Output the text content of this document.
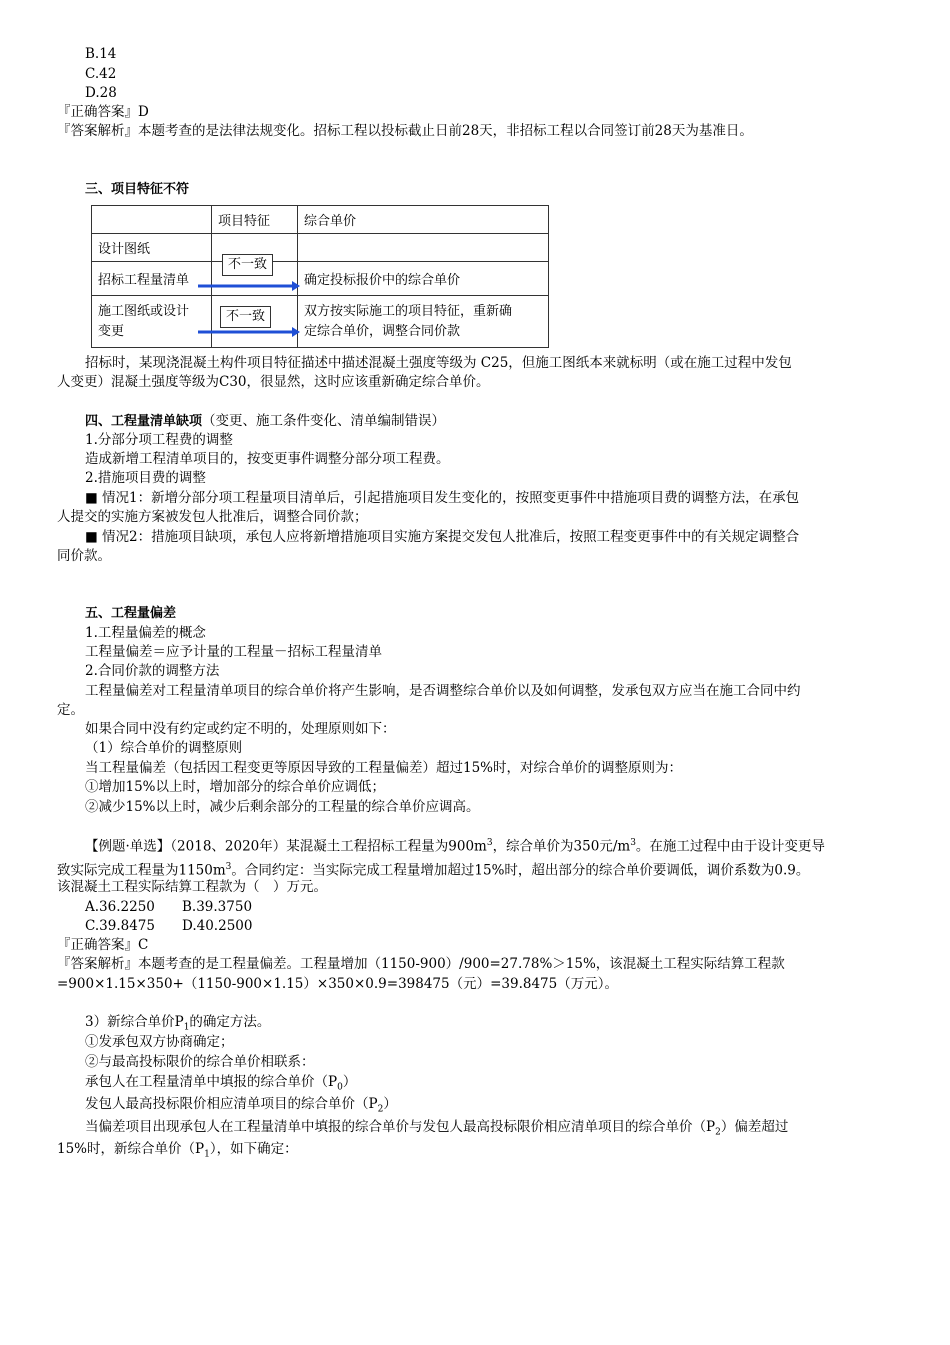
B.14
C.42
D.28
『正确答案』D
『答案解析』本题考查的是法律法规变化。招标工程以投标截止日前28天，非招标工程以合同签订前28天为基准日。
三、项目特征不符
	项目特征	综合单价
设计图纸		
招标工程量清单		确定投标报价中的综合单价
施工图纸或设计
变更		双方按实际施工的项目特征，重新确
定综合单价，调整合同价款
不一致
不一致
招标时，某现浇混凝土构件项目特征描述中描述混凝土强度等级为 C25，但施工图纸本来就标明（或在施工过程中发包
人变更）混凝土强度等级为C30，很显然，这时应该重新确定综合单价。
四、工程量清单缺项（变更、施工条件变化、清单编制错误）
1.分部分项工程费的调整
造成新增工程清单项目的，按变更事件调整分部分项工程费。
2.措施项目费的调整
■ 情况1：新增分部分项工程量项目清单后，引起措施项目发生变化的，按照变更事件中措施项目费的调整方法，在承包
人提交的实施方案被发包人批准后，调整合同价款；
■ 情况2：措施项目缺项，承包人应将新增措施项目实施方案提交发包人批准后，按照工程变更事件中的有关规定调整合
同价款。
五、工程量偏差
1.工程量偏差的概念
工程量偏差＝应予计量的工程量－招标工程量清单
2.合同价款的调整方法
工程量偏差对工程量清单项目的综合单价将产生影响，是否调整综合单价以及如何调整，发承包双方应当在施工合同中约
定。
如果合同中没有约定或约定不明的，处理原则如下：
（1）综合单价的调整原则
当工程量偏差（包括因工程变更等原因导致的工程量偏差）超过15%时，对综合单价的调整原则为：
①增加15%以上时，增加部分的综合单价应调低；
②减少15%以上时，减少后剩余部分的工程量的综合单价应调高。
【例题·单选】（2018、2020年）某混凝土工程招标工程量为$900m^3$，综合单价为350元$/m^3$。在施工过程中由于设计变更导
致实际完成工程量为$1150m^3$。合同约定：当实际完成工程量增加超过15%时，超出部分的综合单价要调低，调价系数为0.9。
该混凝土工程实际结算工程款为（　）万元。
A.36.2250 B.39.3750
C.39.8475 D.40.2500
『正确答案』C
『答案解析』本题考查的是工程量偏差。工程量增加（1150-900）/900=27.78%＞15%，该混凝土工程实际结算工程款
=900×1.15×350+（1150-900×1.15）×350×0.9=398475（元）=39.8475（万元）。
3）新综合单价$P_1$的确定方法。
①发承包双方协商确定；
②与最高投标限价的综合单价相联系：
承包人在工程量清单中填报的综合单价$(P_0)$
发包人最高投标限价相应清单项目的综合单价$(P_2)$
当偏差项目出现承包人在工程量清单中填报的综合单价与发包人最高投标限价相应清单项目的综合单价$(P_2)$偏差超过
15%时，新综合单价$(P_1)$，如下确定：
